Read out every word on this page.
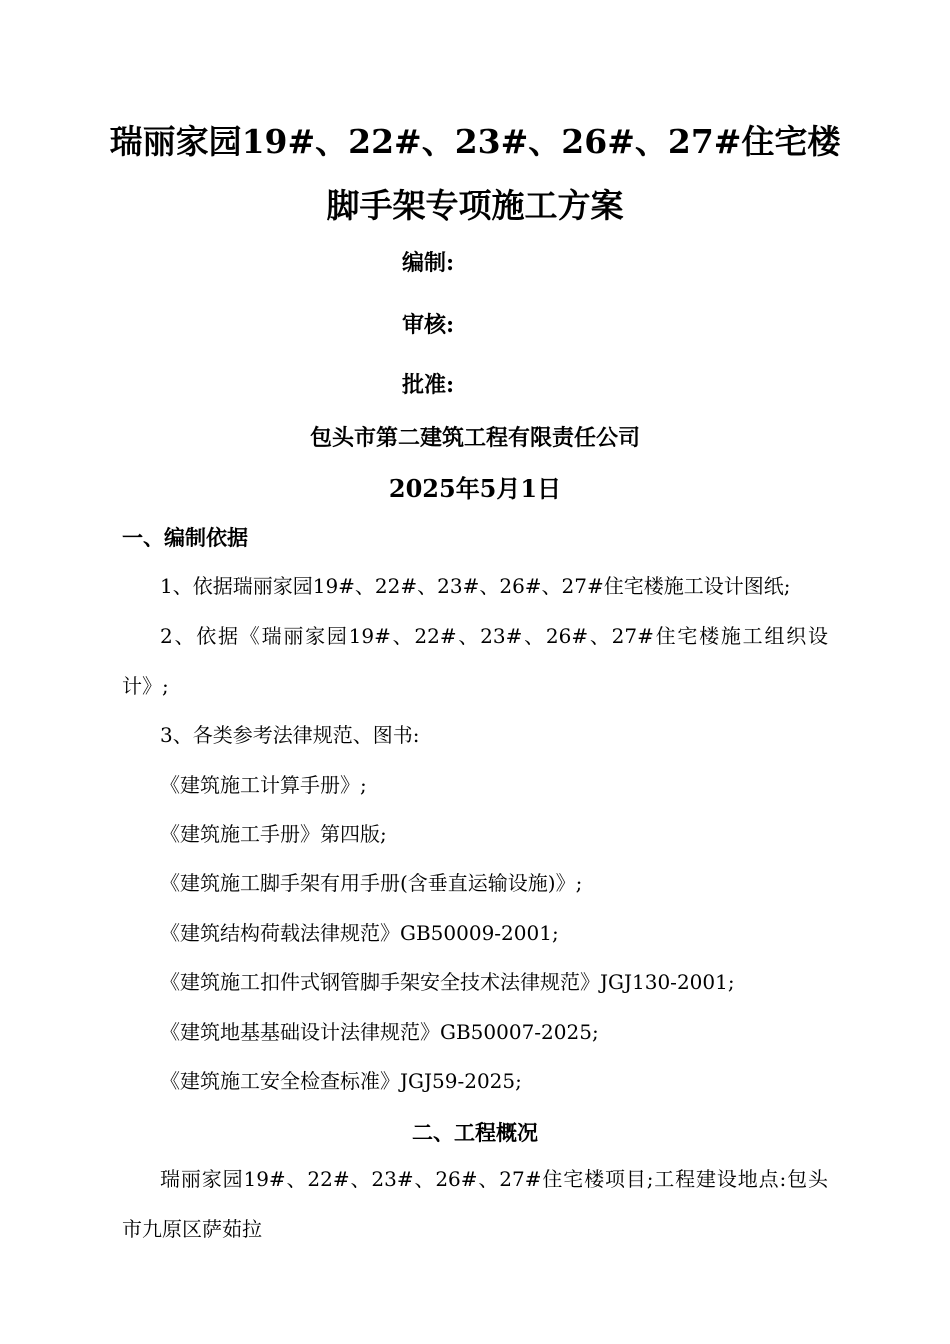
瑞丽家园19#、22#、23#、26#、27#住宅楼
脚手架专项施工方案
编制:
审核:
批准:
包头市第二建筑工程有限责任公司
2025年5月1日
一、编制依据
1、依据瑞丽家园19#、22#、23#、26#、27#住宅楼施工设计图纸;
2、依据《瑞丽家园19#、22#、23#、26#、27#住宅楼施工组织设
计》;
3、各类参考法律规范、图书:
《建筑施工计算手册》;
《建筑施工手册》第四版;
《建筑施工脚手架有用手册(含垂直运输设施)》;
《建筑结构荷载法律规范》GB50009-2001;
《建筑施工扣件式钢管脚手架安全技术法律规范》JGJ130-2001;
《建筑地基基础设计法律规范》GB50007-2025;
《建筑施工安全检查标准》JGJ59-2025;
二、工程概况
瑞丽家园19#、22#、23#、26#、27#住宅楼项目;工程建设地点:包头
市九原区萨茹拉
